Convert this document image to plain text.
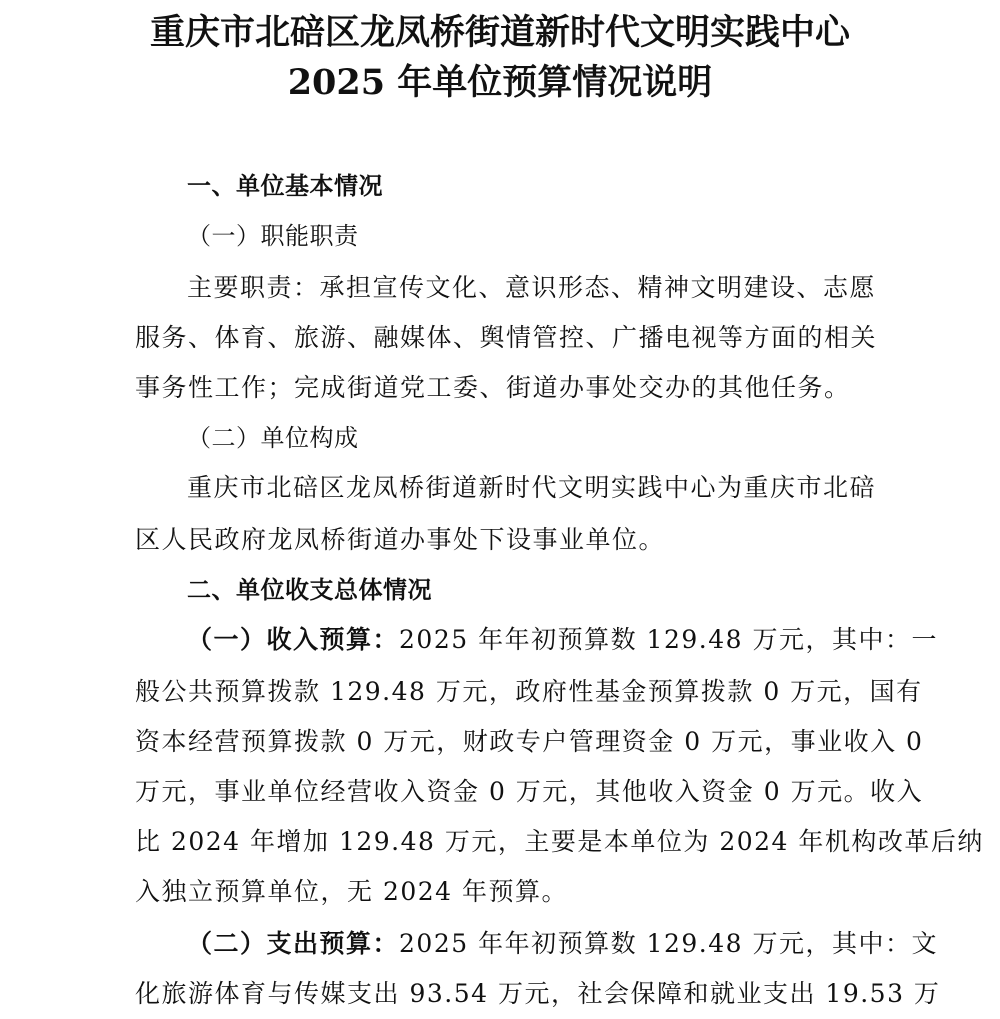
重庆市北碚区龙凤桥街道新时代文明实践中心
2025 年单位预算情况说明
一、单位基本情况
（一）职能职责
主要职责：承担宣传文化、意识形态、精神文明建设、志愿
服务、体育、旅游、融媒体、舆情管控、广播电视等方面的相关
事务性工作；完成街道党工委、街道办事处交办的其他任务。
（二）单位构成
重庆市北碚区龙凤桥街道新时代文明实践中心为重庆市北碚
区人民政府龙凤桥街道办事处下设事业单位。
二、单位收支总体情况
（一）收入预算：2025 年年初预算数 129.48 万元，其中：一
般公共预算拨款 129.48 万元，政府性基金预算拨款 0 万元，国有
资本经营预算拨款 0 万元，财政专户管理资金 0 万元，事业收入 0
万元，事业单位经营收入资金 0 万元，其他收入资金 0 万元。收入
比 2024 年增加 129.48 万元，主要是本单位为 2024 年机构改革后纳
入独立预算单位，无 2024 年预算。
（二）支出预算：2025 年年初预算数 129.48 万元，其中：文
化旅游体育与传媒支出 93.54 万元，社会保障和就业支出 19.53 万
